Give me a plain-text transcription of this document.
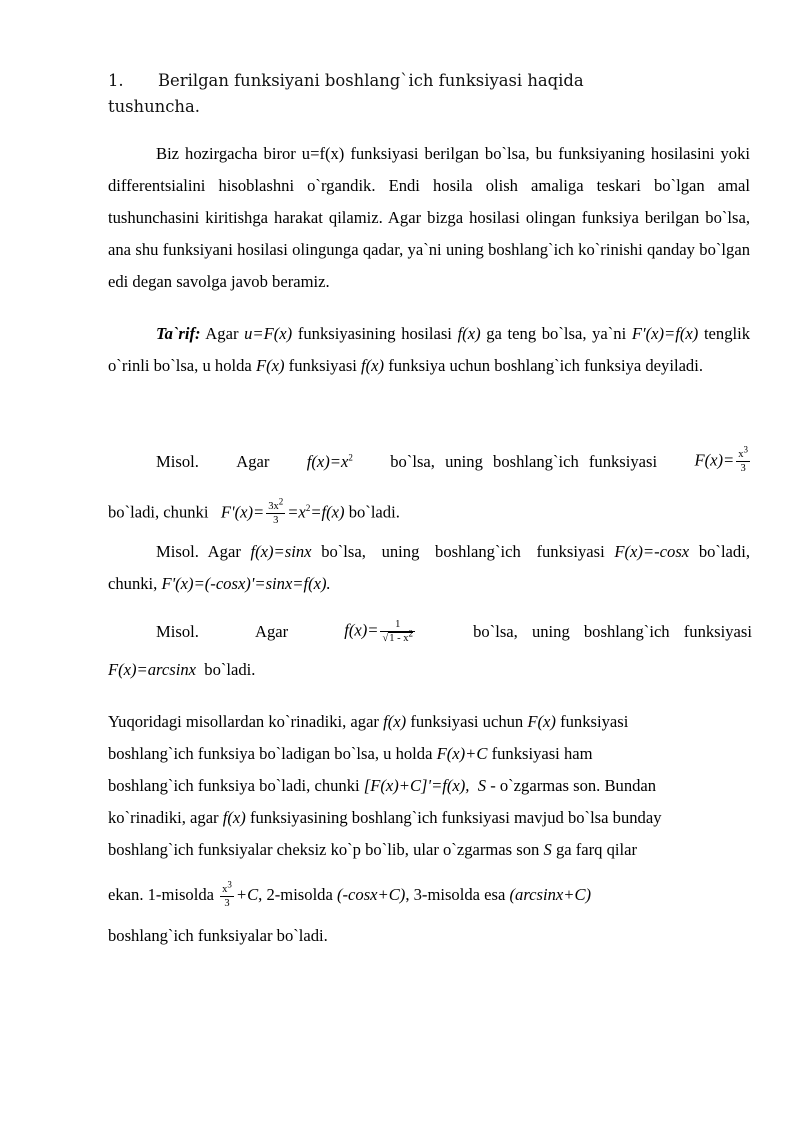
1. Berilgan funksiyani boshlang`ich funksiyasi haqida
tushuncha.
Biz hozirgacha biror u=f(x) funksiyasi berilgan bo`lsa, bu funksiyaning hosilasini yoki differentsialini hisoblashni o`rgandik. Endi hosila olish amaliga teskari bo`lgan amal tushunchasini kiritishga harakat qilamiz. Agar bizga hosilasi olingan funksiya berilgan bo`lsa, ana shu funksiyani hosilasi olingunga qadar, ya`ni uning boshlang`ich ko`rinishi qanday bo`lgan edi degan savolga javob beramiz.
Ta`rif: Agar u=F(x) funksiyasining hosilasi f(x) ga teng bo`lsa, ya`ni F′(x)=f(x) tenglik o`rinli bo`lsa, u holda F(x) funksiyasi f(x) funksiya uchun boshlang`ich funksiya deyiladi.
Misol. Agar $f(x)=x^2$ bo`lsa, uning boshlang`ich funksiyasi $F(x)= \frac{x3}{3}$
bo`ladi, chunki $F'(x)= \frac{3x2}{3} =x^2=f(x)$ bo`ladi.
Misol. Agar f(x)=sinx bo`lsa, uning boshlang`ich funksiyasi F(x)=-cosx bo`ladi, chunki, F'(x)=(-cosx)'=sinx=f(x).
Misol.	Agar	$f(x)= \frac{1}{√1 - x2}$	bo`lsa, uning boshlang`ich funksiyasi
F(x)=arcsinx bo`ladi.
Yuqoridagi misollardan ko`rinadiki, agar f(x) funksiyasi uchun F(x) funksiyasi
boshlang`ich funksiya bo`ladigan bo`lsa, u holda F(x)+C funksiyasi ham
boshlang`ich funksiya bo`ladi, chunki [F(x)+C]'=f(x), S - o`zgarmas son. Bundan
ko`rinadiki, agar f(x) funksiyasining boshlang`ich funksiyasi mavjud bo`lsa bunday
boshlang`ich funksiyalar cheksiz ko`p bo`lib, ular o`zgarmas son S ga farq qilar
ekan. 1-misolda $\frac{x3}{3} +C$, 2-misolda (-cosx+C), 3-misolda esa (arcsinx+C)
boshlang`ich funksiyalar bo`ladi.
